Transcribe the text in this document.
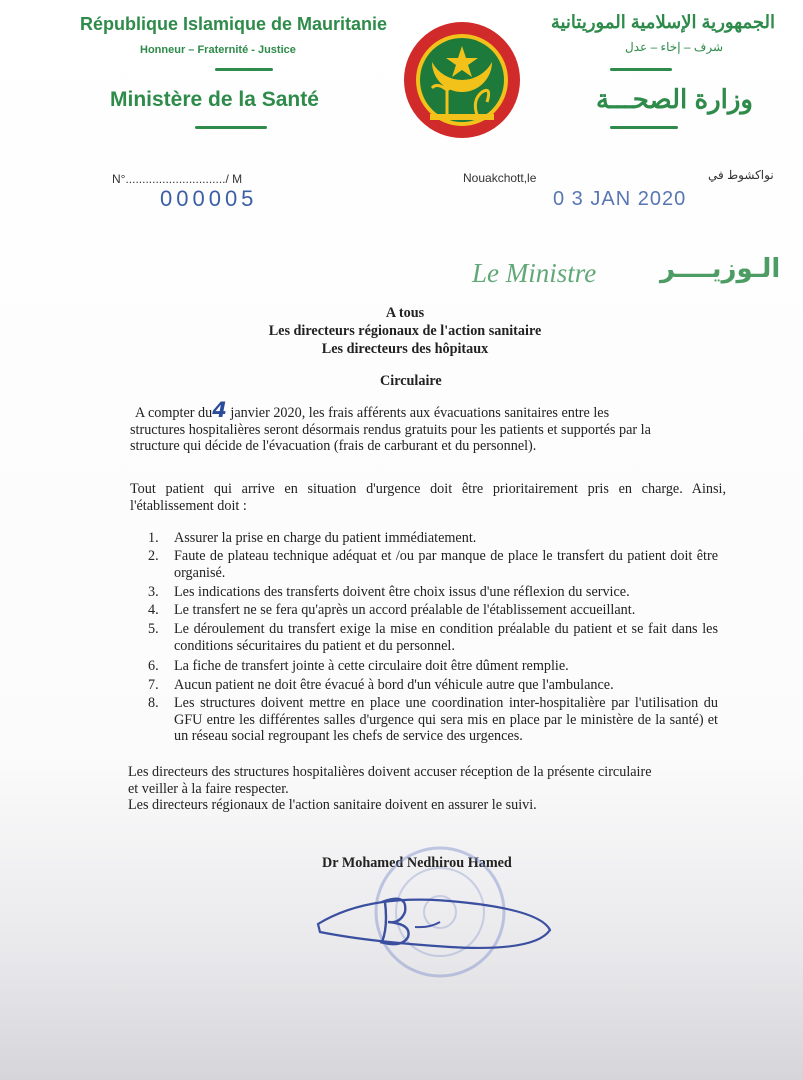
République Islamique de Mauritanie
Honneur – Fraternité - Justice
Ministère de la Santé
الجمهورية الإسلامية الموريتانية
شرف – إخاء – عدل
وزارة الصحـــة
N°............................../ M
000005
Nouakchott,le	نواكشوط في
0 3 JAN 2020
Le Ministre الـوزيــــر
A tous
Les directeurs régionaux de l'action sanitaire
Les directeurs des hôpitaux
Circulaire
A compter du4 janvier 2020, les frais afférents aux évacuations sanitaires entre les
structures hospitalières seront désormais rendus gratuits pour les patients et supportés par la
structure qui décide de l'évacuation (frais de carburant et du personnel).
Tout patient qui arrive en situation d'urgence doit être prioritairement pris en charge. Ainsi,
l'établissement doit :
1.	Assurer la prise en charge du patient immédiatement.
2.	Faute de plateau technique adéquat et /ou par manque de place le transfert du patient doit être organisé.
3.	Les indications des transferts doivent être choix issus d'une réflexion du service.
4.	Le transfert ne se fera qu'après un accord préalable de l'établissement accueillant.
5.	Le déroulement du transfert exige la mise en condition préalable du patient et se fait dans les conditions sécuritaires du patient et du personnel.
6.	La fiche de transfert jointe à cette circulaire doit être dûment remplie.
7.	Aucun patient ne doit être évacué à bord d'un véhicule autre que l'ambulance.
8.	Les structures doivent mettre en place une coordination inter-hospitalière par l'utilisation du GFU entre les différentes salles d'urgence qui sera mis en place par le ministère de la santé) et un réseau social regroupant les chefs de service des urgences.
Les directeurs des structures hospitalières doivent accuser réception de la présente circulaire
et veiller à la faire respecter.
Les directeurs régionaux de l'action sanitaire doivent en assurer le suivi.
Dr Mohamed Nedhirou Hamed
